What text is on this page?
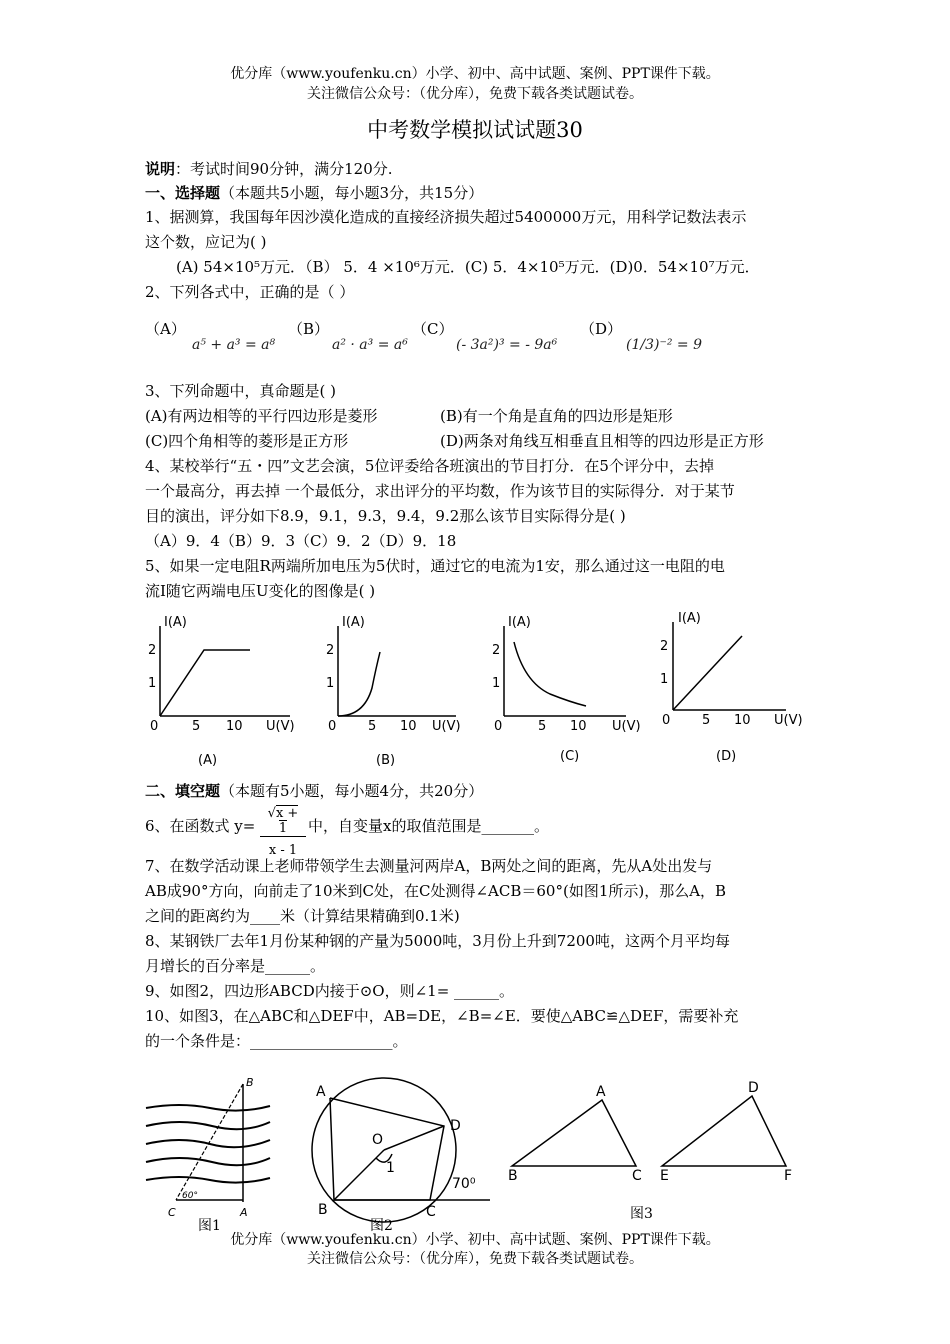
优分库（www.youfenku.cn）小学、初中、高中试题、案例、PPT课件下载。
关注微信公众号：（优分库），免费下载各类试题试卷。
中考数学模拟试试题30
说明：考试时间90分钟，满分120分.
一、选择题（本题共5小题，每小题3分，共15分）
1、据测算，我国每年因沙漠化造成的直接经济损失超过5400000万元，用科学记数法表示
这个数，应记为( )
(A) 54×10⁵万元．（B） 5．4 ×10⁶万元．(C) 5．4×10⁵万元．(D)0．54×10⁷万元．
2、下列各式中，正确的是（ ）
（A）
a⁵ + a³ = a⁸
（B）
a² · a³ = a⁶
（C）
(- 3a²)³ = - 9a⁶
（D）
(1/3)⁻² = 9
3、下列命题中，真命题是( )
(A)有两边相等的平行四边形是菱形	(B)有一个角是直角的四边形是矩形
(C)四个角相等的菱形是正方形	(D)两条对角线互相垂直且相等的四边形是正方形
4、某校举行“五・四”文艺会演，5位评委给各班演出的节目打分．在5个评分中，去掉
一个最高分，再去掉 一个最低分，求出评分的平均数，作为该节目的实际得分．对于某节
目的演出，评分如下8.9，9.1，9.3，9.4，9.2那么该节目实际得分是( )
（A）9．4（B）9．3（C）9．2（D）9．18
5、如果一定电阻R两端所加电压为5伏时，通过它的电流为1安，那么通过这一电阻的电
流I随它两端电压U变化的图像是( )
I(A)
2
1
0	5 10 U(V)
(A)
I(A)
2
1
0 5 10 U(V)
(B)
I(A)
2
1
0	5 10 U(V)
(C)
I(A)
2
1
0 5 10 U(V)
(D)
二、填空题（本题有5小题，每小题4分，共20分）
6、在函数式 $y= \frac{√x + 1}{x - 1}$ 中，自变量x的取值范围是_______。
7、在数学活动课上老师带领学生去测量河两岸A，B两处之间的距离，先从A处出发与
AB成90°方向，向前走了10米到C处，在C处测得∠ACB＝60°(如图1所示)，那么A，B
之间的距离约为____米（计算结果精确到0.1米)
8、某钢铁厂去年1月份某种钢的产量为5000吨，3月份上升到7200吨，这两个月平均每
月增长的百分率是______。
9、如图2，四边形ABCD内接于⊙O，则∠1= ______。
10、如图3，在△ABC和△DEF中，AB=DE，∠B=∠E．要使△ABC≌△DEF，需要补充
的一个条件是：___________________。
B
C	A
60°
图1
A
D
O
1
B	C
70⁰
图2
A
B	C
D
E	F
图3
优分库（www.youfenku.cn）小学、初中、高中试题、案例、PPT课件下载。
关注微信公众号：（优分库），免费下载各类试题试卷。
